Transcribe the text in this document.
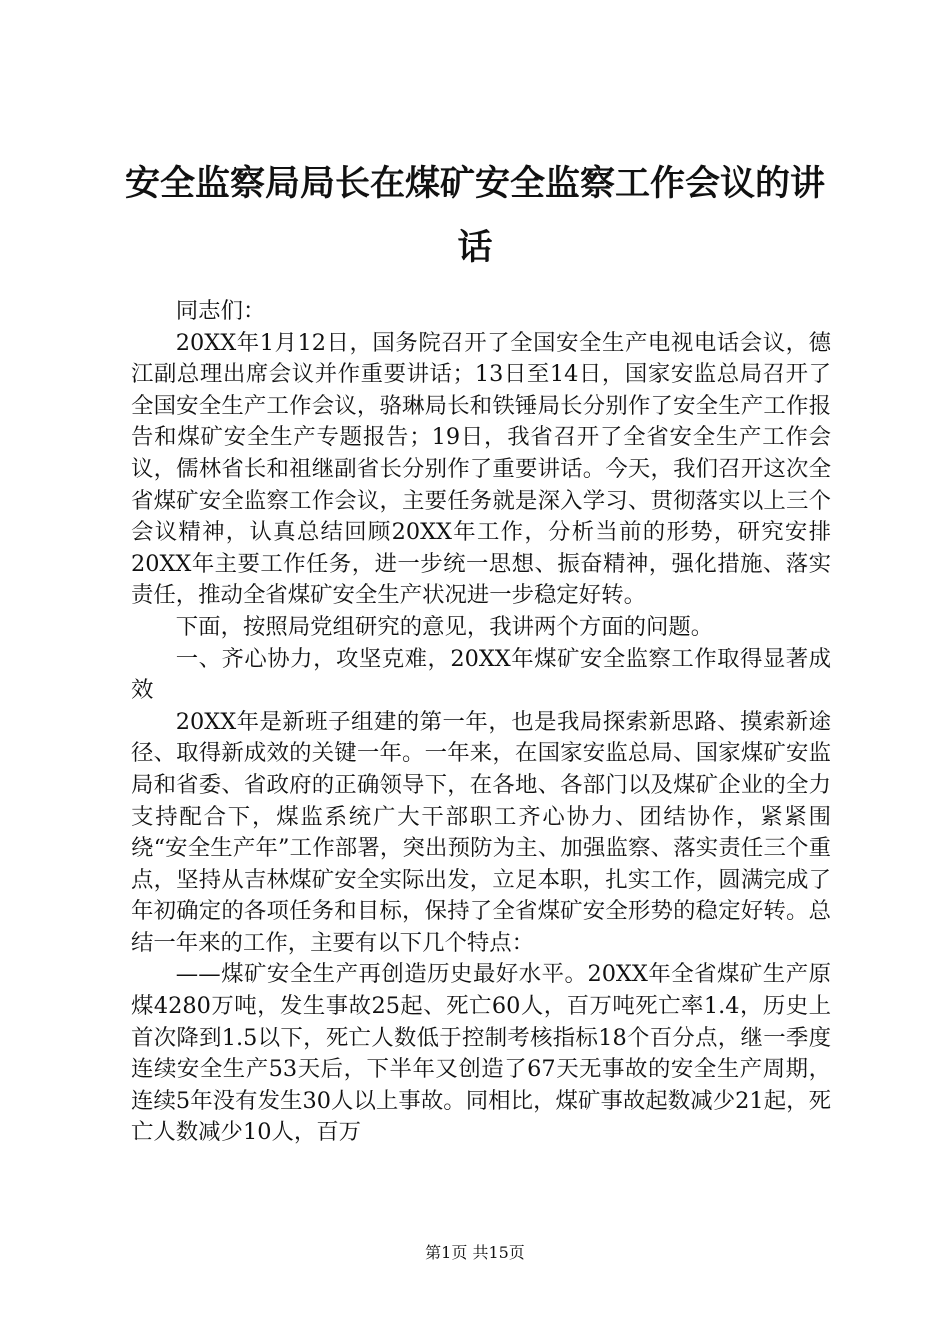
安全监察局局长在煤矿安全监察工作会议的讲话

同志们：

20XX年1月12日，国务院召开了全国安全生产电视电话会议，德江副总理出席会议并作重要讲话；13日至14日，国家安监总局召开了全国安全生产工作会议，骆琳局长和铁锤局长分别作了安全生产工作报告和煤矿安全生产专题报告；19日，我省召开了全省安全生产工作会议，儒林省长和祖继副省长分别作了重要讲话。今天，我们召开这次全省煤矿安全监察工作会议，主要任务就是深入学习、贯彻落实以上三个会议精神，认真总结回顾20XX年工作，分析当前的形势，研究安排20XX年主要工作任务，进一步统一思想、振奋精神，强化措施、落实责任，推动全省煤矿安全生产状况进一步稳定好转。

下面，按照局党组研究的意见，我讲两个方面的问题。

一、齐心协力，攻坚克难，20XX年煤矿安全监察工作取得显著成效

20XX年是新班子组建的第一年，也是我局探索新思路、摸索新途径、取得新成效的关键一年。一年来，在国家安监总局、国家煤矿安监局和省委、省政府的正确领导下，在各地、各部门以及煤矿企业的全力支持配合下，煤监系统广大干部职工齐心协力、团结协作，紧紧围绕“安全生产年”工作部署，突出预防为主、加强监察、落实责任三个重点，坚持从吉林煤矿安全实际出发，立足本职，扎实工作，圆满完成了年初确定的各项任务和目标，保持了全省煤矿安全形势的稳定好转。总结一年来的工作，主要有以下几个特点：

——煤矿安全生产再创造历史最好水平。20XX年全省煤矿生产原煤4280万吨，发生事故25起、死亡60人，百万吨死亡率1.4，历史上首次降到1.5以下，死亡人数低于控制考核指标18个百分点，继一季度连续安全生产53天后，下半年又创造了67天无事故的安全生产周期，连续5年没有发生30人以上事故。同相比，煤矿事故起数减少21起，死亡人数减少10人，百万

第1页 共15页
